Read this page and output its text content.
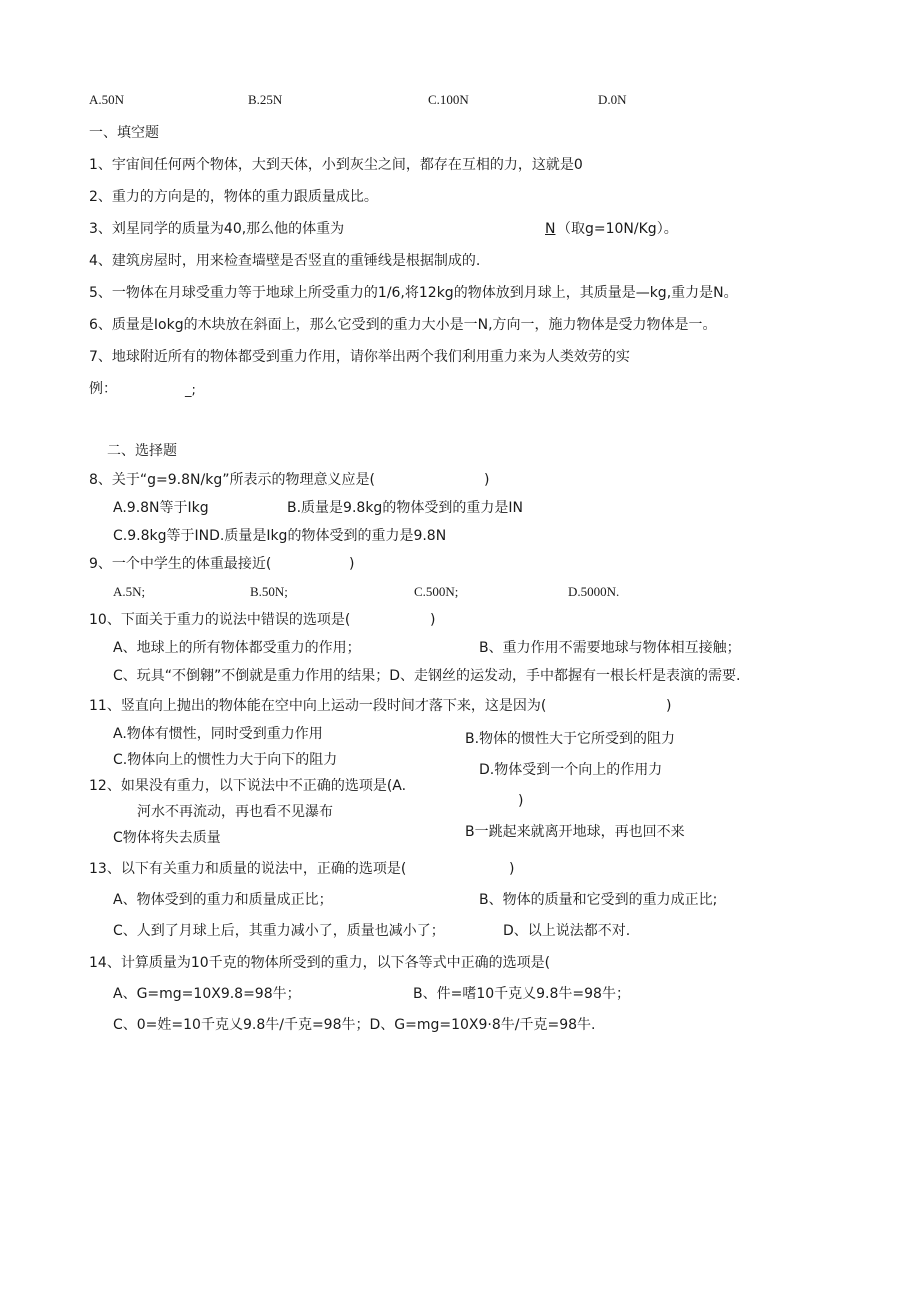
A.50N	B.25N	C.100N	D.0N
一、填空题
1、宇宙间任何两个物体，大到天体，小到灰尘之间，都存在互相的力，这就是0
2、重力的方向是的，物体的重力跟质量成比。
3、刘星同学的质量为40,那么他的体重为	N （取g=10N/Kg）。
4、建筑房屋时，用来检查墙壁是否竖直的重锤线是根据制成的.
5、一物体在月球受重力等于地球上所受重力的1/6,将12kg的物体放到月球上，其质量是—kg,重力是N。
6、质量是Iokg的木块放在斜面上，那么它受到的重力大小是一N,方向一，施力物体是受力物体是一。
7、地球附近所有的物体都受到重力作用，请你举出两个我们利用重力来为人类效劳的实
例：	_;
二、选择题
8、关于“g=9.8N/kg”所表示的物理意义应是(	)
A.9.8N等于Ikg	B.质量是9.8kg的物体受到的重力是IN
C.9.8kg等于IND.质量是Ikg的物体受到的重力是9.8N
9、一个中学生的体重最接近(	)
A.5N;	B.50N;	C.500N;	D.5000N.
10、下面关于重力的说法中错误的选项是(	)
A、地球上的所有物体都受重力的作用；	B、重力作用不需要地球与物体相互接触；
C、玩具“不倒翱”不倒就是重力作用的结果；D、走钢丝的运发动，手中都握有一根长杆是表演的需要.
11、竖直向上抛出的物体能在空中向上运动一段时间才落下来，这是因为(	)
A.物体有惯性，同时受到重力作用	B.物体的惯性大于它所受到的阻力
C.物体向上的惯性力大于向下的阻力
D.物体受到一个向上的作用力
12、如果没有重力，以下说法中不正确的选项是(A.
)
河水不再流动，再也看不见瀑布
C物体将失去质量	B一跳起来就离开地球，再也回不来
13、以下有关重力和质量的说法中，正确的选项是(	)
A、物体受到的重力和质量成正比；	B、物体的质量和它受到的重力成正比;
C、人到了月球上后，其重力减小了，质量也减小了；	D、以上说法都不对.
14、计算质量为10千克的物体所受到的重力，以下各等式中正确的选项是(
A、G=mg=10X9.8=98牛；	B、件=嗜10千克乂9.8牛=98牛；
C、0=姓=10千克乂9.8牛/千克=98牛；D、G=mg=10X9·8牛/千克=98牛.
